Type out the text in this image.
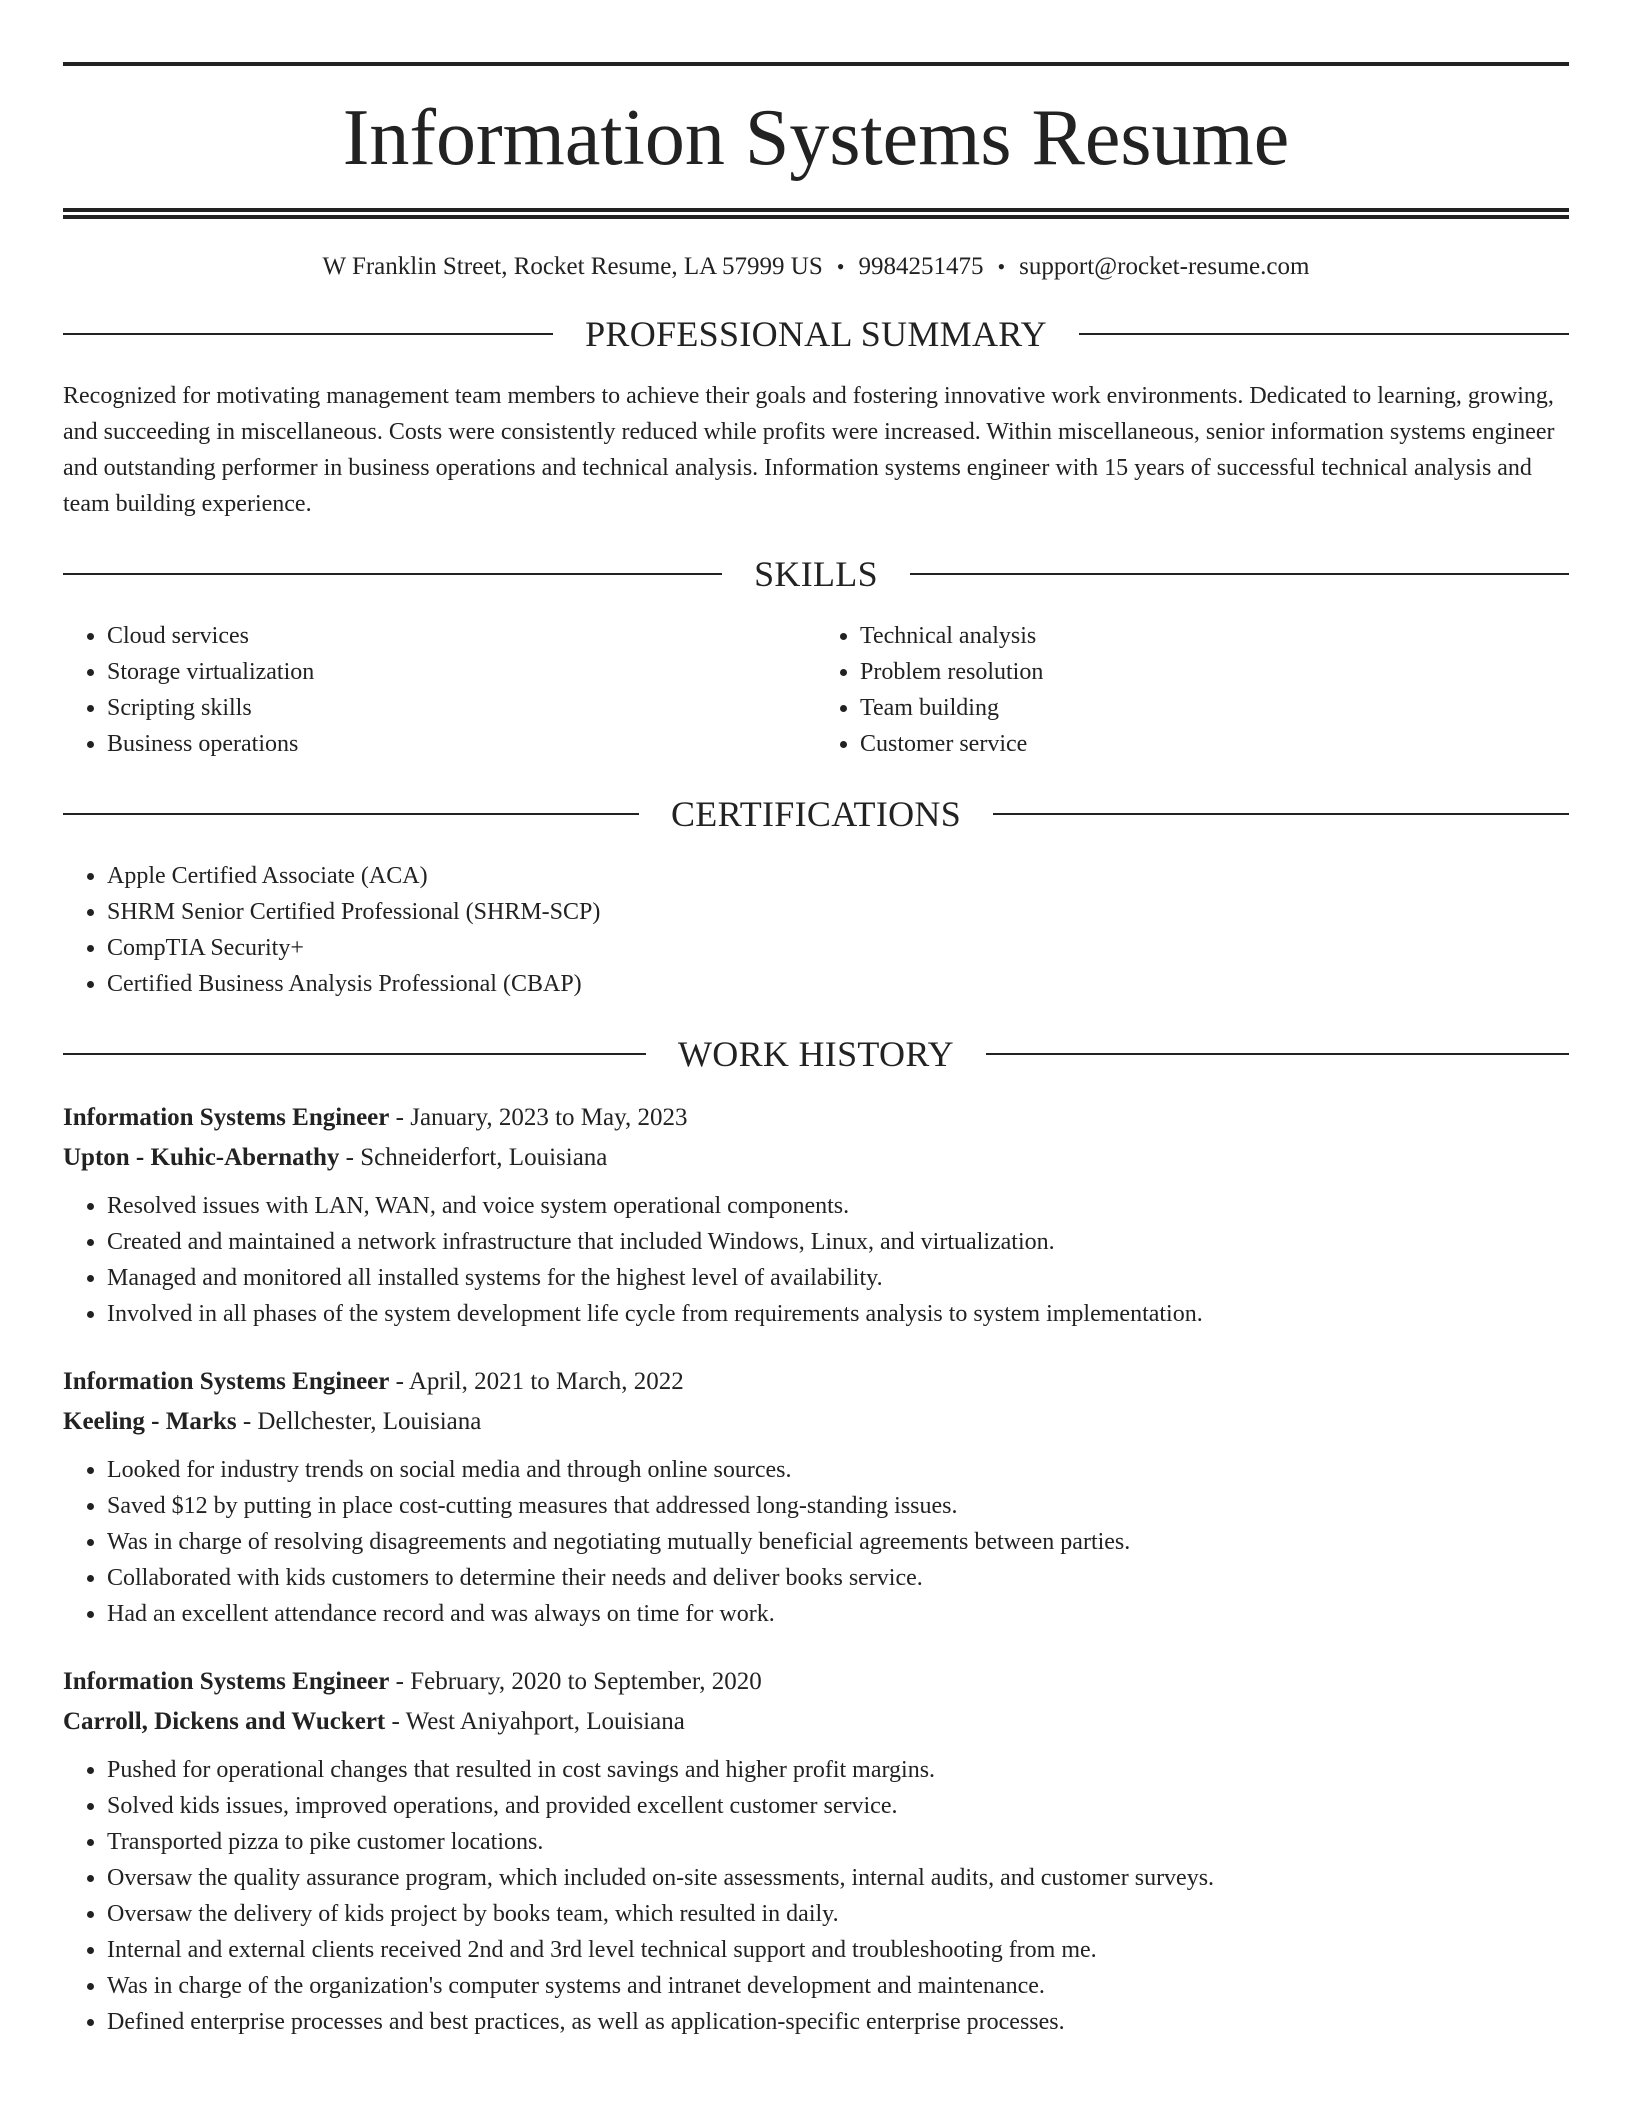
Information Systems Resume
W Franklin Street, Rocket Resume, LA 57999 US • 9984251475 • support@rocket-resume.com
PROFESSIONAL SUMMARY

Recognized for motivating management team members to achieve their goals and fostering innovative work environments. Dedicated to learning, growing, and succeeding in miscellaneous. Costs were consistently reduced while profits were increased. Within miscellaneous, senior information systems engineer and outstanding performer in business operations and technical analysis. Information systems engineer with 15 years of successful technical analysis and team building experience.

SKILLS
• Cloud services
• Storage virtualization
• Scripting skills
• Business operations
• Technical analysis
• Problem resolution
• Team building
• Customer service
CERTIFICATIONS
• Apple Certified Associate (ACA)
• SHRM Senior Certified Professional (SHRM-SCP)
• CompTIA Security+
• Certified Business Analysis Professional (CBAP)
WORK HISTORY
Information Systems Engineer - January, 2023 to May, 2023
Upton - Kuhic-Abernathy - Schneiderfort, Louisiana
• Resolved issues with LAN, WAN, and voice system operational components.
• Created and maintained a network infrastructure that included Windows, Linux, and virtualization.
• Managed and monitored all installed systems for the highest level of availability.
• Involved in all phases of the system development life cycle from requirements analysis to system implementation.
Information Systems Engineer - April, 2021 to March, 2022
Keeling - Marks - Dellchester, Louisiana
• Looked for industry trends on social media and through online sources.
• Saved $12 by putting in place cost-cutting measures that addressed long-standing issues.
• Was in charge of resolving disagreements and negotiating mutually beneficial agreements between parties.
• Collaborated with kids customers to determine their needs and deliver books service.
• Had an excellent attendance record and was always on time for work.
Information Systems Engineer - February, 2020 to September, 2020
Carroll, Dickens and Wuckert - West Aniyahport, Louisiana
• Pushed for operational changes that resulted in cost savings and higher profit margins.
• Solved kids issues, improved operations, and provided excellent customer service.
• Transported pizza to pike customer locations.
• Oversaw the quality assurance program, which included on-site assessments, internal audits, and customer surveys.
• Oversaw the delivery of kids project by books team, which resulted in daily.
• Internal and external clients received 2nd and 3rd level technical support and troubleshooting from me.
• Was in charge of the organization's computer systems and intranet development and maintenance.
• Defined enterprise processes and best practices, as well as application-specific enterprise processes.
